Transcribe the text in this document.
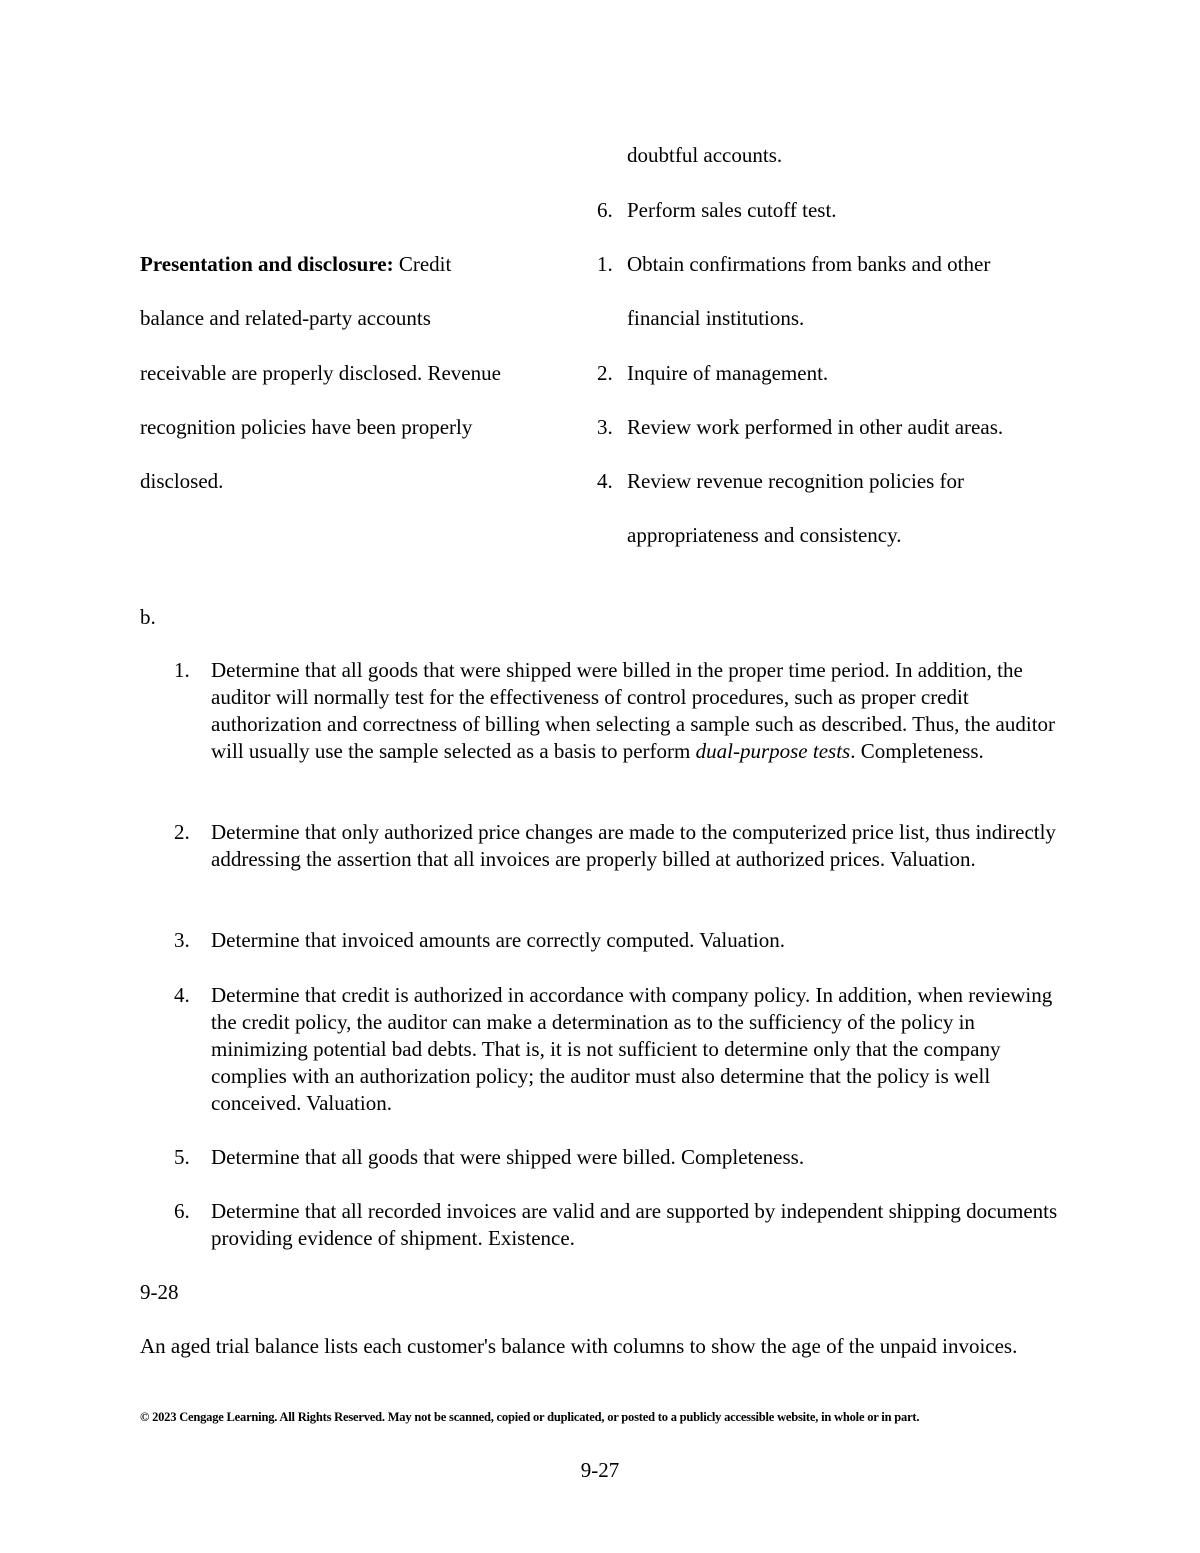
doubtful accounts.
6. Perform sales cutoff test.
Presentation and disclosure: Credit
balance and related-party accounts
receivable are properly disclosed. Revenue
recognition policies have been properly
disclosed.
1. Obtain confirmations from banks and other
financial institutions.
2. Inquire of management.
3. Review work performed in other audit areas.
4. Review revenue recognition policies for
appropriateness and consistency.
b.
1. Determine that all goods that were shipped were billed in the proper time period. In addition, the auditor will normally test for the effectiveness of control procedures, such as proper credit authorization and correctness of billing when selecting a sample such as described. Thus, the auditor will usually use the sample selected as a basis to perform dual-purpose tests. Completeness.
2. Determine that only authorized price changes are made to the computerized price list, thus indirectly addressing the assertion that all invoices are properly billed at authorized prices. Valuation.
3. Determine that invoiced amounts are correctly computed. Valuation.
4. Determine that credit is authorized in accordance with company policy. In addition, when reviewing the credit policy, the auditor can make a determination as to the sufficiency of the policy in minimizing potential bad debts. That is, it is not sufficient to determine only that the company complies with an authorization policy; the auditor must also determine that the policy is well conceived. Valuation.
5. Determine that all goods that were shipped were billed. Completeness.
6. Determine that all recorded invoices are valid and are supported by independent shipping documents providing evidence of shipment. Existence.
9-28
An aged trial balance lists each customer's balance with columns to show the age of the unpaid invoices.
© 2023 Cengage Learning. All Rights Reserved. May not be scanned, copied or duplicated, or posted to a publicly accessible website, in whole or in part.
9-27
